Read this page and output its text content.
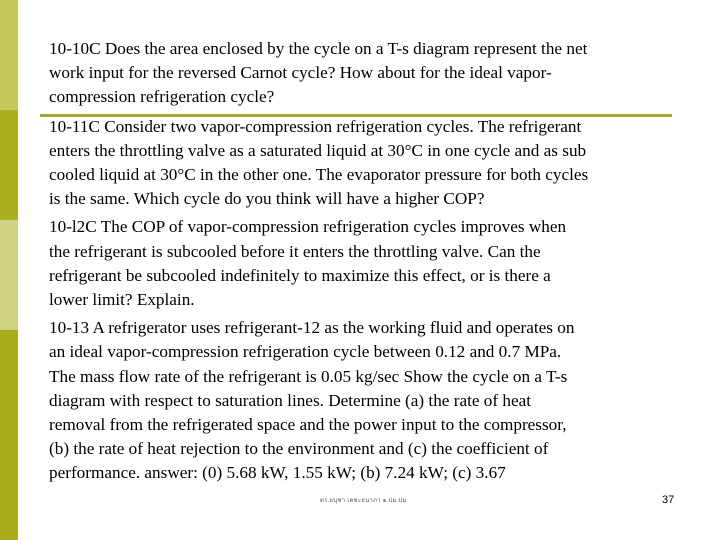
10-10C Does the area enclosed by the cycle on a T-s diagram represent the net
work input for the reversed Carnot cycle? How about for the ideal vapor-
compression refrigeration cycle?

10-11C Consider two vapor-compression refrigeration cycles. The refrigerant
enters the throttling valve as a saturated liquid at 30°C in one cycle and as sub
cooled liquid at 30°C in the other one. The evaporator pressure for both cycles
is the same. Which cycle do you think will have a higher COP?

10-l2C The COP of vapor-compression refrigeration cycles improves when
the refrigerant is subcooled before it enters the throttling valve. Can the
refrigerant be subcooled indefinitely to maximize this effect, or is there a
lower limit? Explain.

10-13 A refrigerator uses refrigerant-12 as the working fluid and operates on
an ideal vapor-compression refrigeration cycle between 0.12 and 0.7 MPa.
The mass flow rate of the refrigerant is 0.05 kg/sec Show the cycle on a T-s
diagram with respect to saturation lines. Determine (a) the rate of heat
removal from the refrigerated space and the power input to the compressor,
(b) the rate of heat rejection to the environment and (c) the coefficient of
performance. answer: (0) 5.68 kW, 1.55 kW; (b) 7.24 kW; (c) 3.67

ดร.อนุชา เตชะธนาภา ๑.ปม.ปม	37
